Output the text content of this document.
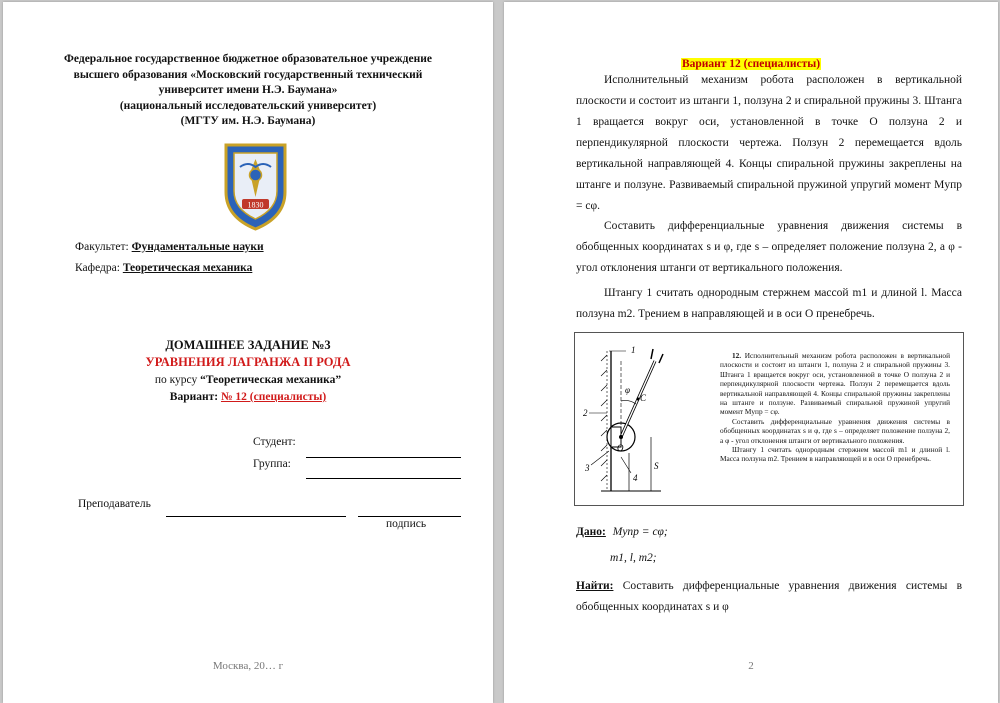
Федеральное государственное бюджетное образовательное учреждение
высшего образования «Московский государственный технический
университет имени Н.Э. Баумана»
(национальный исследовательский университет)
(МГТУ им. Н.Э. Баумана)
1830
Факультет: Фундаментальные науки
Кафедра: Теоретическая механика
ДОМАШНЕЕ ЗАДАНИЕ №3
УРАВНЕНИЯ ЛАГРАНЖА II РОДА
по курсу “Теоретическая механика”
Вариант: № 12 (специалисты)
Студент:
Группа:
Преподаватель
подпись
Москва, 20… г
Вариант 12 (специалисты)
Исполнительный механизм робота расположен в вертикальной плоскости и состоит из штанги 1, ползуна 2 и спиральной пружины 3. Штанга 1 вращается вокруг оси, установленной в точке О ползуна 2 и перпендикулярной плоскости чертежа. Ползун 2 перемещается вдоль вертикальной направляющей 4. Концы спиральной пружины закреплены на штанге и ползуне. Развиваемый спиральной пружиной упругий момент Mупр = cφ.
Составить дифференциальные уравнения движения системы в обобщенных координатах s и φ, где s – определяет положение ползуна 2, а φ - угол отклонения штанги от вертикального положения.
Штангу 1 считать однородным стержнем массой m1 и длиной l. Масса ползуна m2. Трением в направляющей и в оси О пренебречь.
1
2
3
4
φ
C
O
S

12. Исполнительный механизм робота расположен в вертикальной плоскости и состоит из штанги 1, ползуна 2 и спиральной пружины 3. Штанга 1 вращается вокруг оси, установленной в точке O ползуна 2 и перпендикулярной плоскости чертежа. Ползун 2 перемещается вдоль вертикальной направляющей 4. Концы спиральной пружины закреплены на штанге и ползуне. Развиваемый спиральной пружиной упругий момент Mупр = cφ.

Составить дифференциальные уравнения движения системы в обобщенных координатах s и φ, где s – определяет положение ползуна 2, а φ - угол отклонения штанги от вертикального положения.

Штангу 1 считать однородным стержнем массой m1 и длиной l. Масса ползуна m2. Трением в направляющей и в оси O пренебречь.

Дано: Mупр = cφ;
m1, l, m2;
Найти: Составить дифференциальные уравнения движения системы в обобщенных координатах s и φ
2
